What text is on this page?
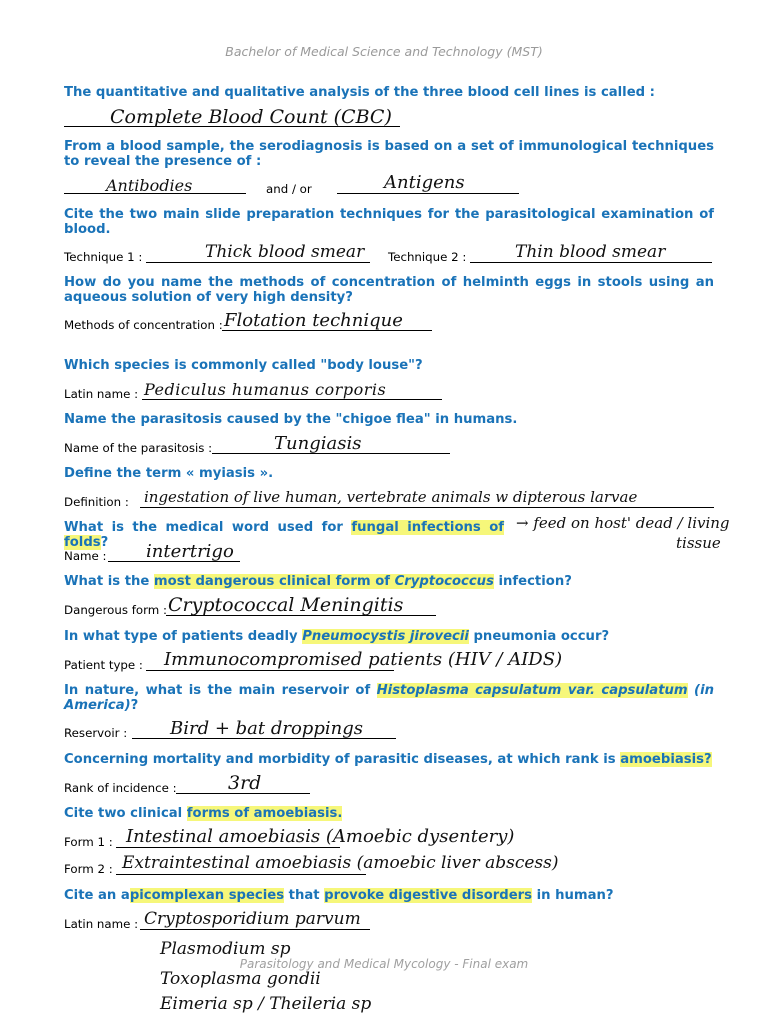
Bachelor of Medical Science and Technology (MST)
The quantitative and qualitative analysis of the three blood cell lines is called :
Complete Blood Count (CBC)
From a blood sample, the serodiagnosis is based on a set of immunological techniques to reveal the presence of :
Antibodies	and / or	Antigens
Cite the two main slide preparation techniques for the parasitological examination of blood.
Technique 1 :	Thick blood smear Technique 2 :	Thin blood smear
How do you name the methods of concentration of helminth eggs in stools using an aqueous solution of very high density?
Methods of concentration : Flotation technique
Which species is commonly called "body louse"?
Latin name : Pediculus humanus corporis
Name the parasitosis caused by the "chigoe flea" in humans.
Name of the parasitosis :	Tungiasis
Define the term « myiasis ».
Definition : ingestation of live human, vertebrate animals w dipterous larvae
→ feed on host' dead / living
tissue
What is the medical word used for fungal infections of folds?
Name : intertrigo
What is the most dangerous clinical form of Cryptococcus infection?
Dangerous form : Cryptococcal Meningitis
In what type of patients deadly Pneumocystis jirovecii pneumonia occur?
Patient type : Immunocompromised patients (HIV / AIDS)
In nature, what is the main reservoir of Histoplasma capsulatum var. capsulatum (in America)?
Reservoir : Bird + bat droppings
Concerning mortality and morbidity of parasitic diseases, at which rank is amoebiasis?
Rank of incidence :	3rd
Cite two clinical forms of amoebiasis.
Form 1 : Intestinal amoebiasis (Amoebic dysentery)
Form 2 : Extraintestinal amoebiasis (amoebic liver abscess)
Cite an apicomplexan species that provoke digestive disorders in human?
Latin name : Cryptosporidium parvum
Plasmodium sp
Toxoplasma gondii
Eimeria sp / Theileria sp
Parasitology and Medical Mycology - Final exam
